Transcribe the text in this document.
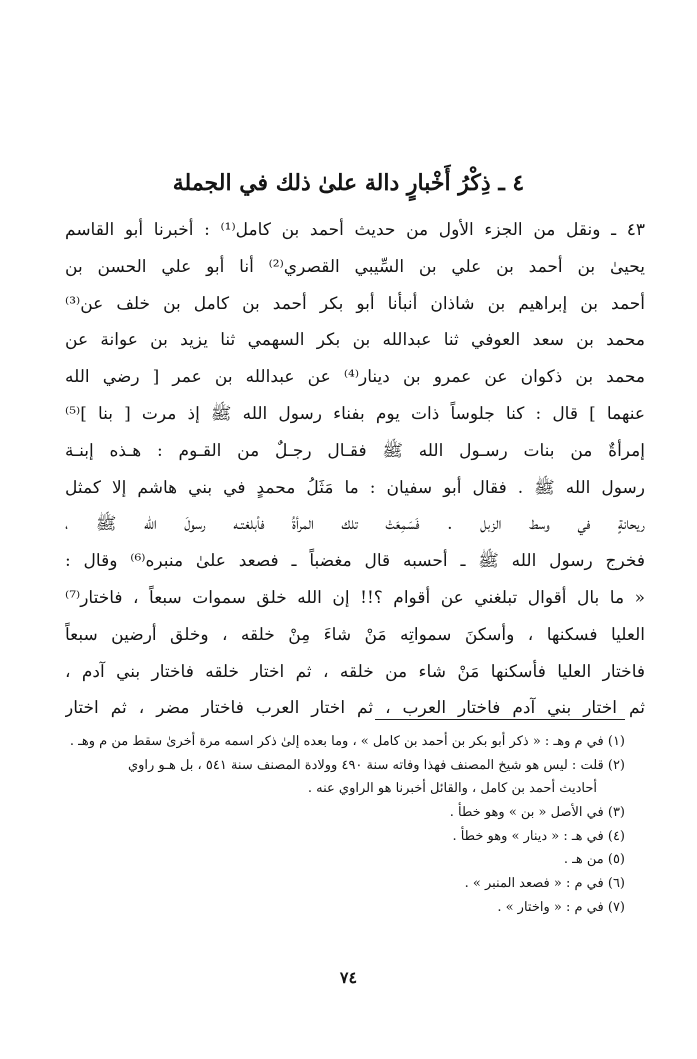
٤ ـ ذِكْرُ أَخْبارٍ دالة علىٰ ذلك في الجملة
٤٣ ـ ونقل من الجزء الأول من حديث أحمد بن كامل⁽¹⁾ : أخبرنا أبو القاسم
يحيىٰ بن أحمد بن علي بن السِّيبي القصري⁽²⁾ أنا أبو علي الحسن بن
أحمد بن إبراهيم بن شاذان أنبأنا أبو بكر أحمد بن كامل بن خلف عن⁽³⁾
محمد بن سعد العوفي ثنا عبدالله بن بكر السهمي ثنا يزيد بن عوانة عن
محمد بن ذكوان عن عمرو بن دينار⁽⁴⁾ عن عبدالله بن عمر [ رضي الله
عنهما ] قال : كنا جلوساً ذات يوم بفناء رسول الله ﷺ إذ مرت [ بنا ]⁽⁵⁾
إمرأةٌ من بنات رسـول الله ﷺ فقـال رجـلٌ من القـوم : هـذه إبنـة
رسول الله ﷺ . فقال أبو سفيان : ما مَثَلُ محمدٍ في بني هاشم إلا كمثل
ريحانةٍ في وسط الزبل . فَسَمِعَتْ تلك المرأةُ فأبلغتـه رسولَ الله ﷺ ،
فخرج رسول الله ﷺ ـ أحسبه قال مغضباً ـ فصعد علىٰ منبره⁽⁶⁾ وقال :
« ما بال أقوال تبلغني عن أقوام ؟!! إن الله خلق سموات سبعاً ، فاختار⁽⁷⁾
العليا فسكنها ، وأسكنَ سمواتِه مَنْ شاءَ مِنْ خلقه ، وخلق أرضين سبعاً
فاختار العليا فأسكنها مَنْ شاء من خلقه ، ثم اختار خلقه فاختار بني آدم ،
ثم اختار بني آدم فاختار العرب ، ثم اختار العرب فاختار مضر ، ثم اختار
(١) في م وهـ : « ذكر أبو بكر بن أحمد بن كامل » ، وما بعده إلىٰ ذكر اسمه مرة أخرىٰ سقط من م وهـ .
(٢) قلت : ليس هو شيخ المصنف فهذا وفاته سنة ٤٩٠ وولادة المصنف سنة ٥٤١ ، بل هـو راوي
أحاديث أحمد بن كامل ، والقائل أخبرنا هو الراوي عنه .
(٣) في الأصل « بن » وهو خطأ .
(٤) في هـ : « دينار » وهو خطأ .
(٥) من هـ .
(٦) في م : « فصعد المنبر » .
(٧) في م : « واختار » .
٧٤
